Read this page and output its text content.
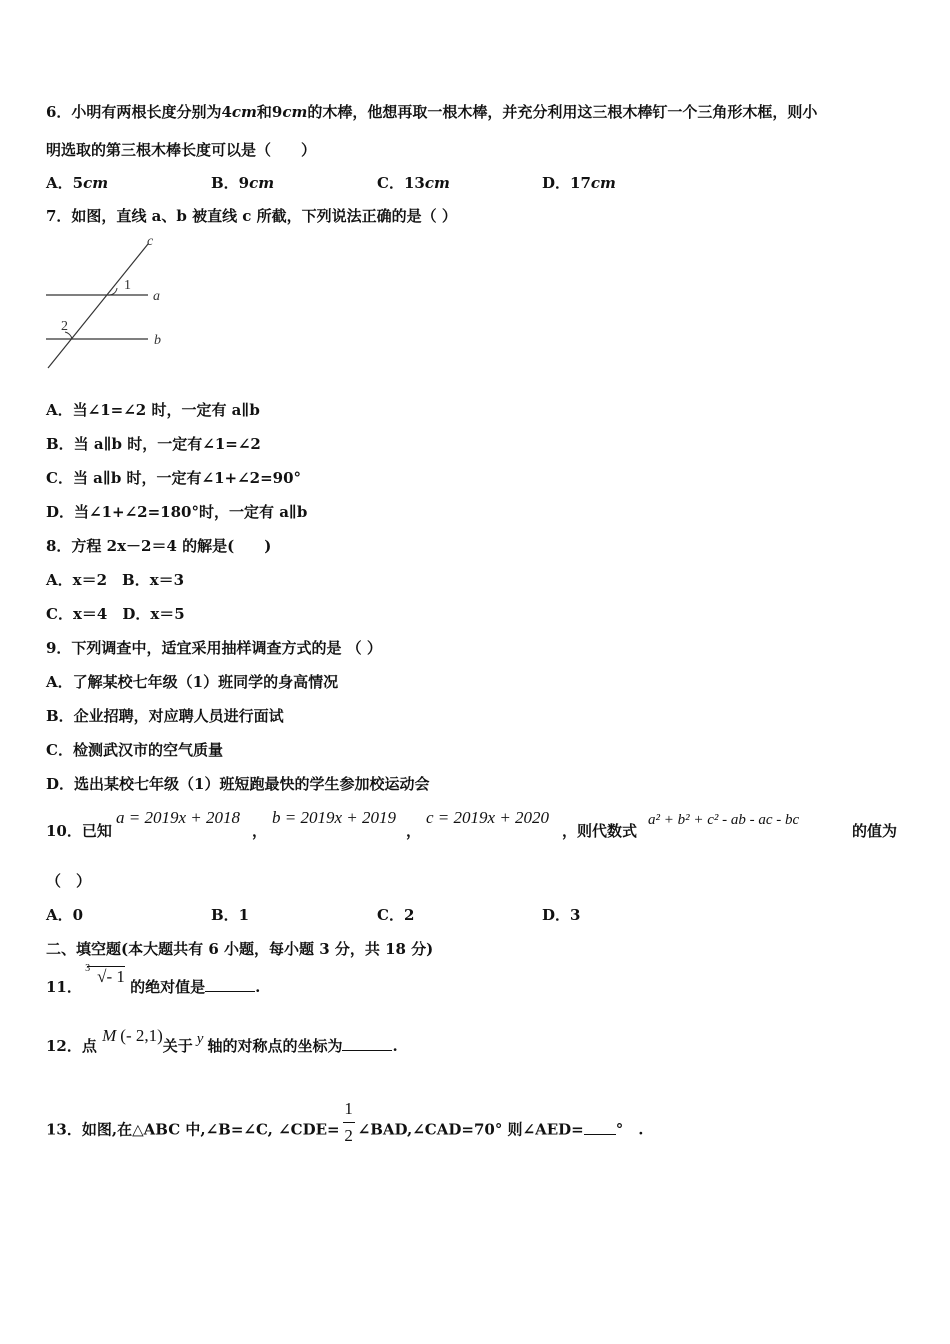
6．小明有两根长度分别为4cm和9cm的木棒，他想再取一根木棒，并充分利用这三根木棒钉一个三角形木框，则小
明选取的第三根木棒长度可以是（　　）
A．5cm	B．9cm	C．13cm	D．17cm
7．如图，直线 a、b 被直线 c 所截，下列说法正确的是（ ）
c
a
b
1
2
A．当∠1=∠2 时，一定有 a∥b
B．当 a∥b 时，一定有∠1=∠2
C．当 a∥b 时，一定有∠1+∠2=90°
D．当∠1+∠2=180°时，一定有 a∥b
8．方程 2x－2＝4 的解是(　　)
A．x＝2　B．x＝3
C．x＝4　D．x＝5
9．下列调查中，适宜采用抽样调查方式的是 （ ）
A．了解某校七年级（1）班同学的身高情况
B．企业招聘，对应聘人员进行面试
C．检测武汉市的空气质量
D．选出某校七年级（1）班短跑最快的学生参加校运动会
10．已知
a = 2019x + 2018
，
b = 2019x + 2019
，
c = 2019x + 2020
，则代数式
a² + b² + c² - ab - ac - bc
的值为
（　）
A．0	B．1	C．2	D．3
二、填空题(本大题共有 6 小题，每小题 3 分，共 18 分)
11．
3 √- 1 的绝对值是	.
12．点 M (- 2,1)关于 y 轴的对称点的坐标为	.
13．如图,在△ABC 中,∠B=∠C, ∠CDE= $\frac{1}{2}$ ∠BAD,∠CAD=70° 则∠AED= °　.
